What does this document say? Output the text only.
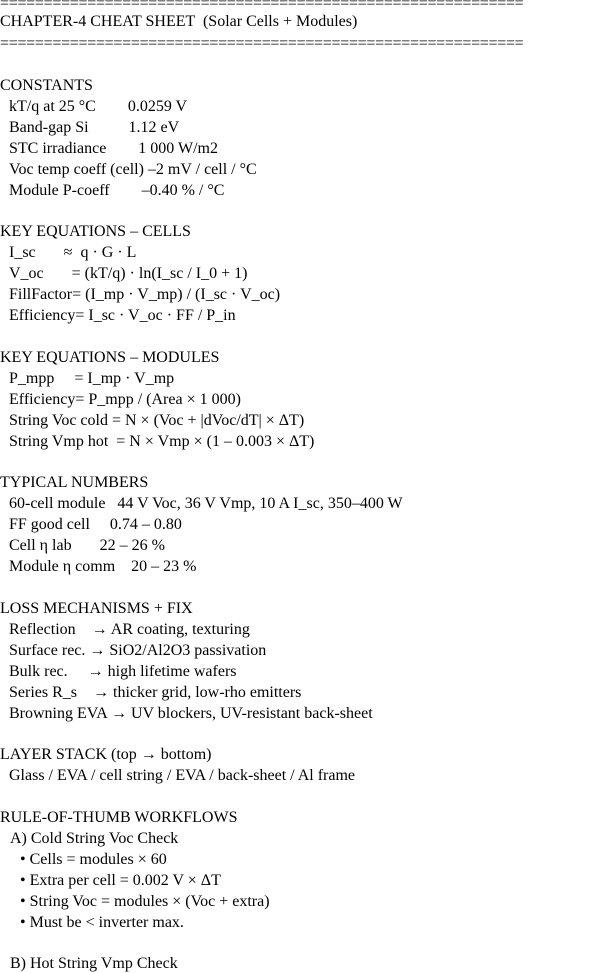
============================================================
CHAPTER-4 CHEAT SHEET  (Solar Cells + Modules)
============================================================
CONSTANTS
kT/q at 25 °C        0.0259 V
Band-gap Si          1.12 eV
STC irradiance        1 000 W/m2
Voc temp coeff (cell) –2 mV / cell / °C
Module P-coeff        –0.40 % / °C
KEY EQUATIONS – CELLS
I_sc       ≈  q · G · L
V_oc       = (kT/q) · ln(I_sc / I_0 + 1)
FillFactor= (I_mp · V_mp) / (I_sc · V_oc)
Efficiency= I_sc · V_oc · FF / P_in
KEY EQUATIONS – MODULES
P_mpp     = I_mp · V_mp
Efficiency= P_mpp / (Area × 1 000)
String Voc cold = N × (Voc + |dVoc/dT| × ΔT)
String Vmp hot  = N × Vmp × (1 – 0.003 × ΔT)
TYPICAL NUMBERS
60-cell module   44 V Voc, 36 V Vmp, 10 A I_sc, 350–400 W
FF good cell     0.74 – 0.80
Cell η lab       22 – 26 %
Module η comm    20 – 23 %
LOSS MECHANISMS + FIX
Reflection    → AR coating, texturing
Surface rec. → SiO2/Al2O3 passivation
Bulk rec.     → high lifetime wafers
Series R_s    → thicker grid, low-rho emitters
Browning EVA → UV blockers, UV-resistant back-sheet
LAYER STACK (top → bottom)
Glass / EVA / cell string / EVA / back-sheet / Al frame
RULE-OF-THUMB WORKFLOWS
A) Cold String Voc Check
• Cells = modules × 60
• Extra per cell = 0.002 V × ΔT
• String Voc = modules × (Voc + extra)
• Must be < inverter max.
B) Hot String Vmp Check
